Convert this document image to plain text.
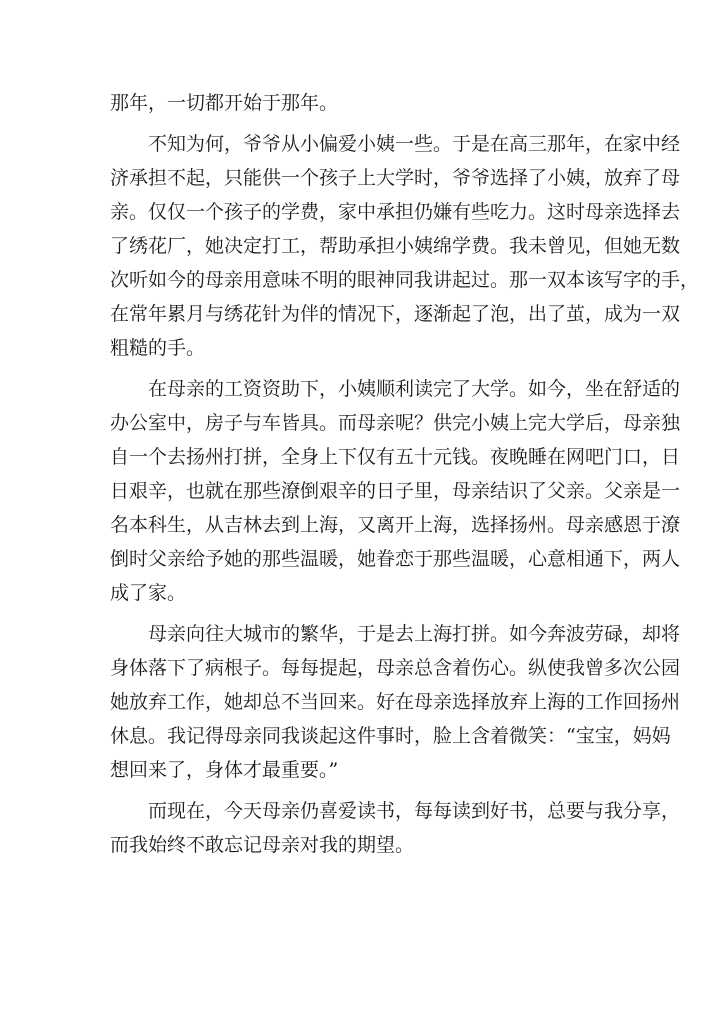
那年，一切都开始于那年。
　　不知为何，爷爷从小偏爱小姨一些。于是在高三那年，在家中经
济承担不起，只能供一个孩子上大学时，爷爷选择了小姨，放弃了母
亲。仅仅一个孩子的学费，家中承担仍嫌有些吃力。这时母亲选择去
了绣花厂，她决定打工，帮助承担小姨绵学费。我未曾见，但她无数
次听如今的母亲用意味不明的眼神同我讲起过。那一双本该写字的手，
在常年累月与绣花针为伴的情况下，逐渐起了泡，出了茧，成为一双
粗糙的手。
　　在母亲的工资资助下，小姨顺利读完了大学。如今，坐在舒适的
办公室中，房子与车皆具。而母亲呢？供完小姨上完大学后，母亲独
自一个去扬州打拼，全身上下仅有五十元钱。夜晚睡在网吧门口，日
日艰辛，也就在那些潦倒艰辛的日子里，母亲结识了父亲。父亲是一
名本科生，从吉林去到上海，又离开上海，选择扬州。母亲感恩于潦
倒时父亲给予她的那些温暖，她眷恋于那些温暖，心意相通下，两人
成了家。
　　母亲向往大城市的繁华，于是去上海打拼。如今奔波劳碌，却将
身体落下了病根子。每每提起，母亲总含着伤心。纵使我曾多次公园
她放弃工作，她却总不当回来。好在母亲选择放弃上海的工作回扬州
休息。我记得母亲同我谈起这件事时，脸上含着微笑：“宝宝，妈妈
想回来了，身体才最重要。”
　　而现在，今天母亲仍喜爱读书，每每读到好书，总要与我分享，
而我始终不敢忘记母亲对我的期望。
